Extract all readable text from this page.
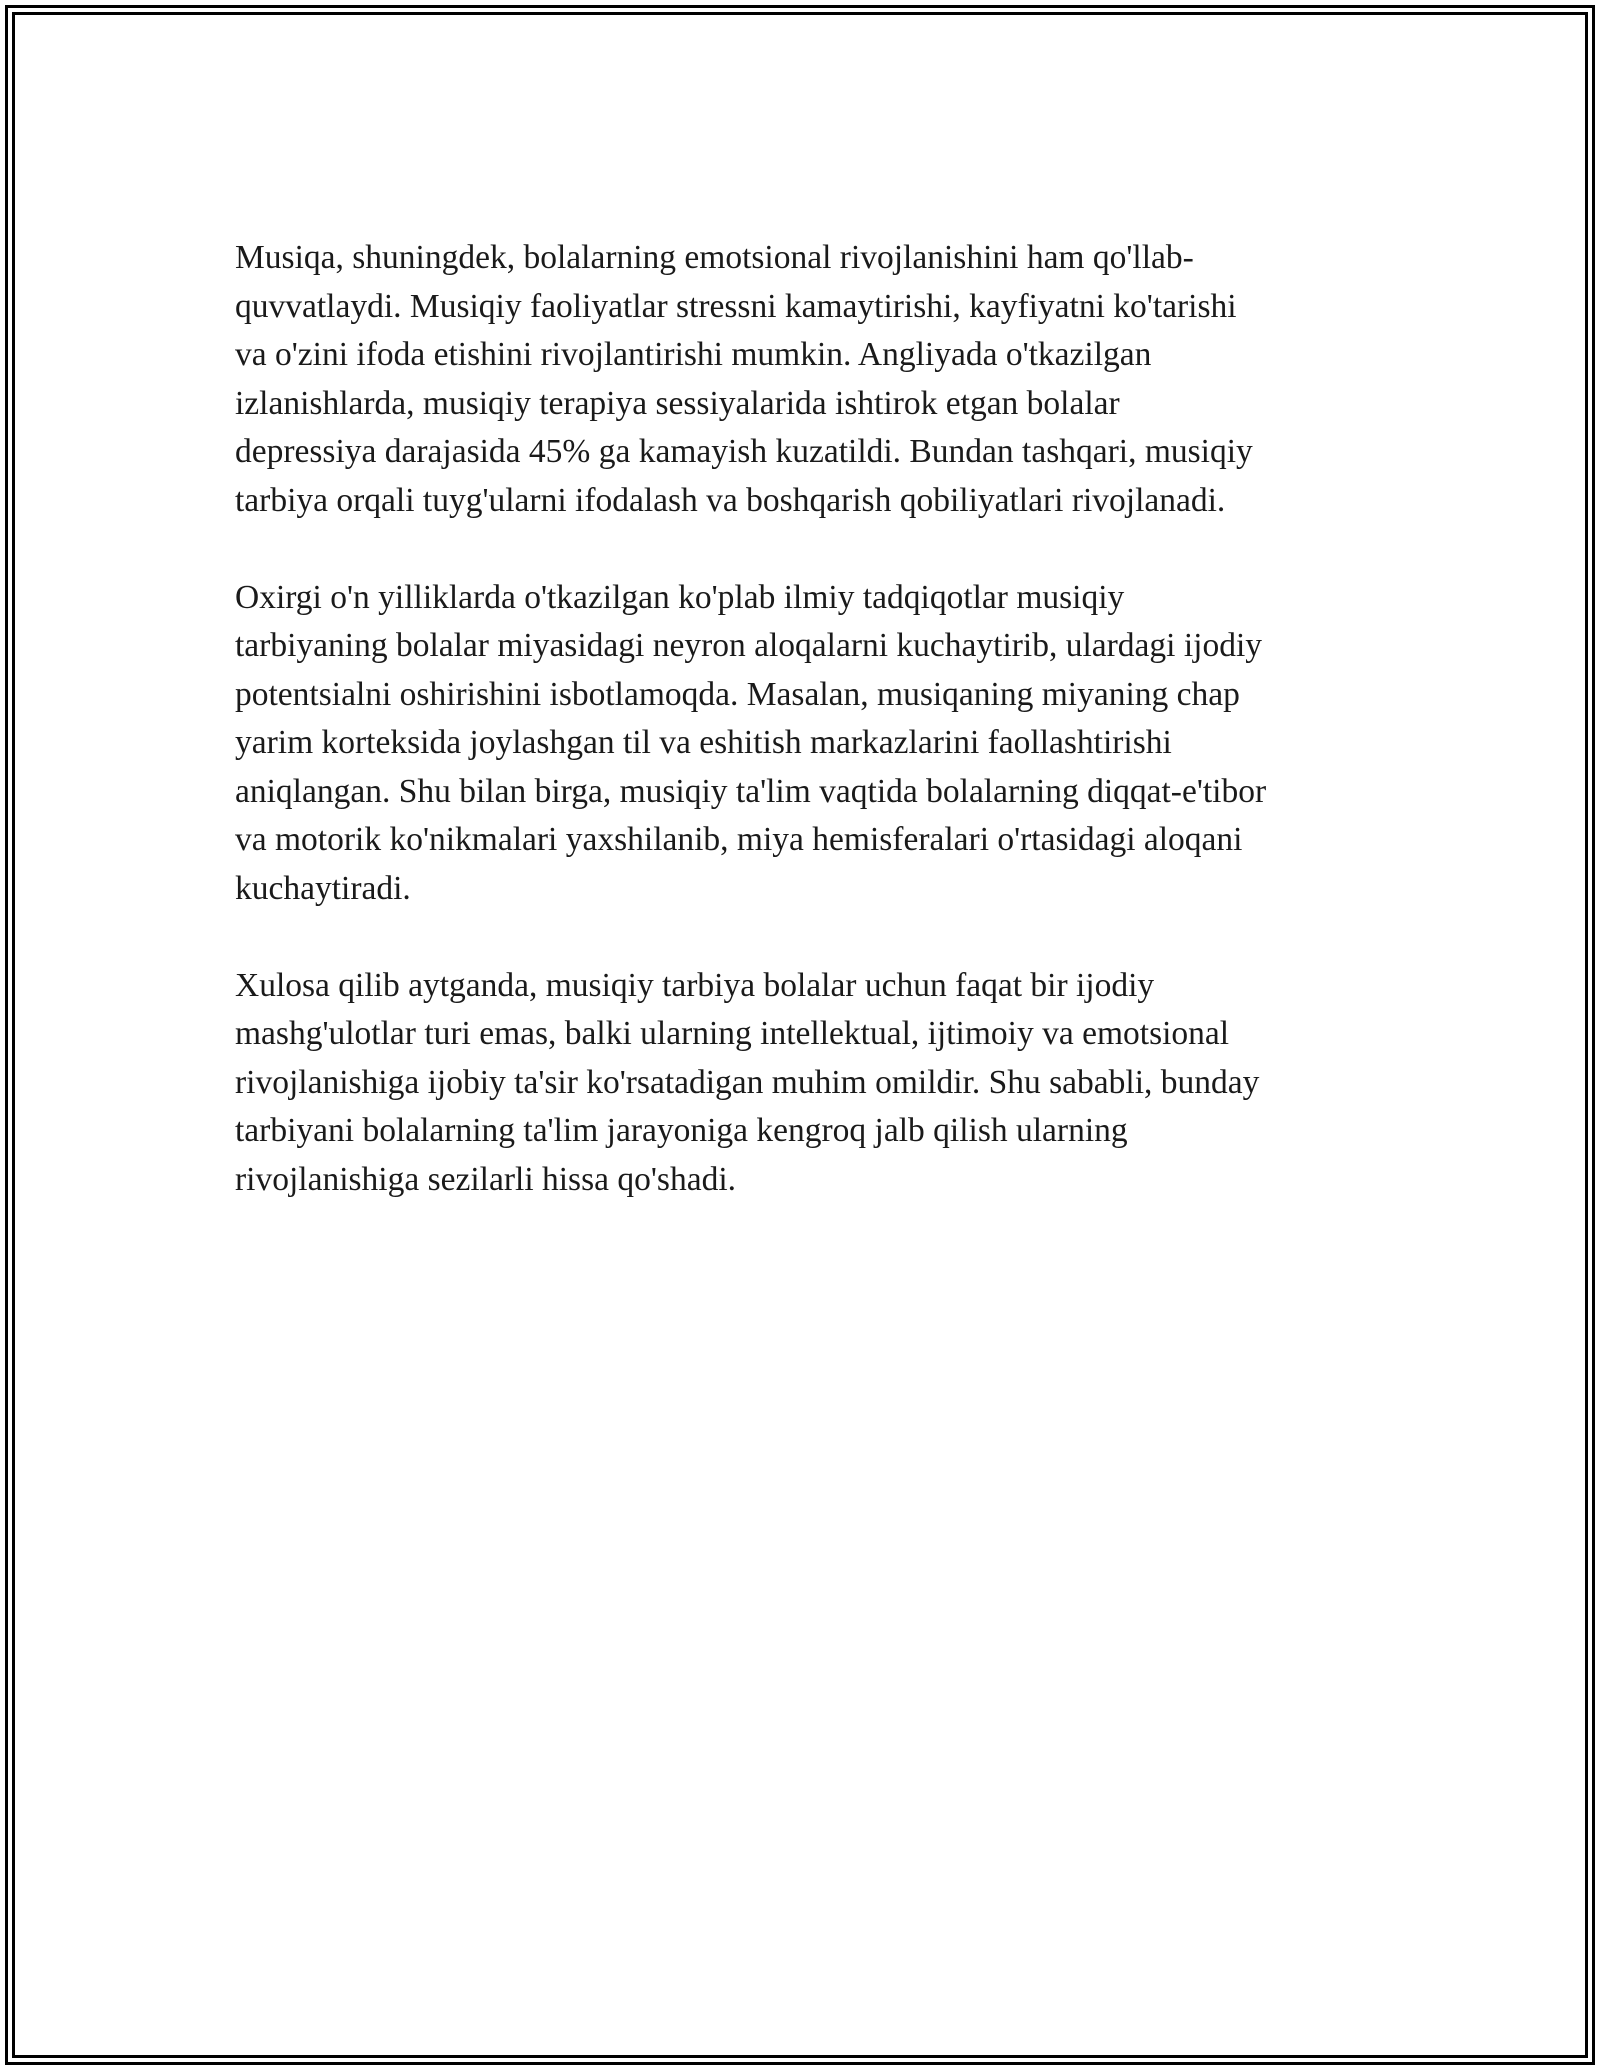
Musiqa, shuningdek, bolalarning emotsional rivojlanishini ham qo'llab-
quvvatlaydi. Musiqiy faoliyatlar stressni kamaytirishi, kayfiyatni ko'tarishi
va o'zini ifoda etishini rivojlantirishi mumkin. Angliyada o'tkazilgan
izlanishlarda, musiqiy terapiya sessiyalarida ishtirok etgan bolalar
depressiya darajasida 45% ga kamayish kuzatildi. Bundan tashqari, musiqiy
tarbiya orqali tuyg'ularni ifodalash va boshqarish qobiliyatlari rivojlanadi.

Oxirgi o'n yilliklarda o'tkazilgan ko'plab ilmiy tadqiqotlar musiqiy
tarbiyaning bolalar miyasidagi neyron aloqalarni kuchaytirib, ulardagi ijodiy
potentsialni oshirishini isbotlamoqda. Masalan, musiqaning miyaning chap
yarim korteksida joylashgan til va eshitish markazlarini faollashtirishi
aniqlangan. Shu bilan birga, musiqiy ta'lim vaqtida bolalarning diqqat-e'tibor
va motorik ko'nikmalari yaxshilanib, miya hemisferalari o'rtasidagi aloqani
kuchaytiradi.

Xulosa qilib aytganda, musiqiy tarbiya bolalar uchun faqat bir ijodiy
mashg'ulotlar turi emas, balki ularning intellektual, ijtimoiy va emotsional
rivojlanishiga ijobiy ta'sir ko'rsatadigan muhim omildir. Shu sababli, bunday
tarbiyani bolalarning ta'lim jarayoniga kengroq jalb qilish ularning
rivojlanishiga sezilarli hissa qo'shadi.
